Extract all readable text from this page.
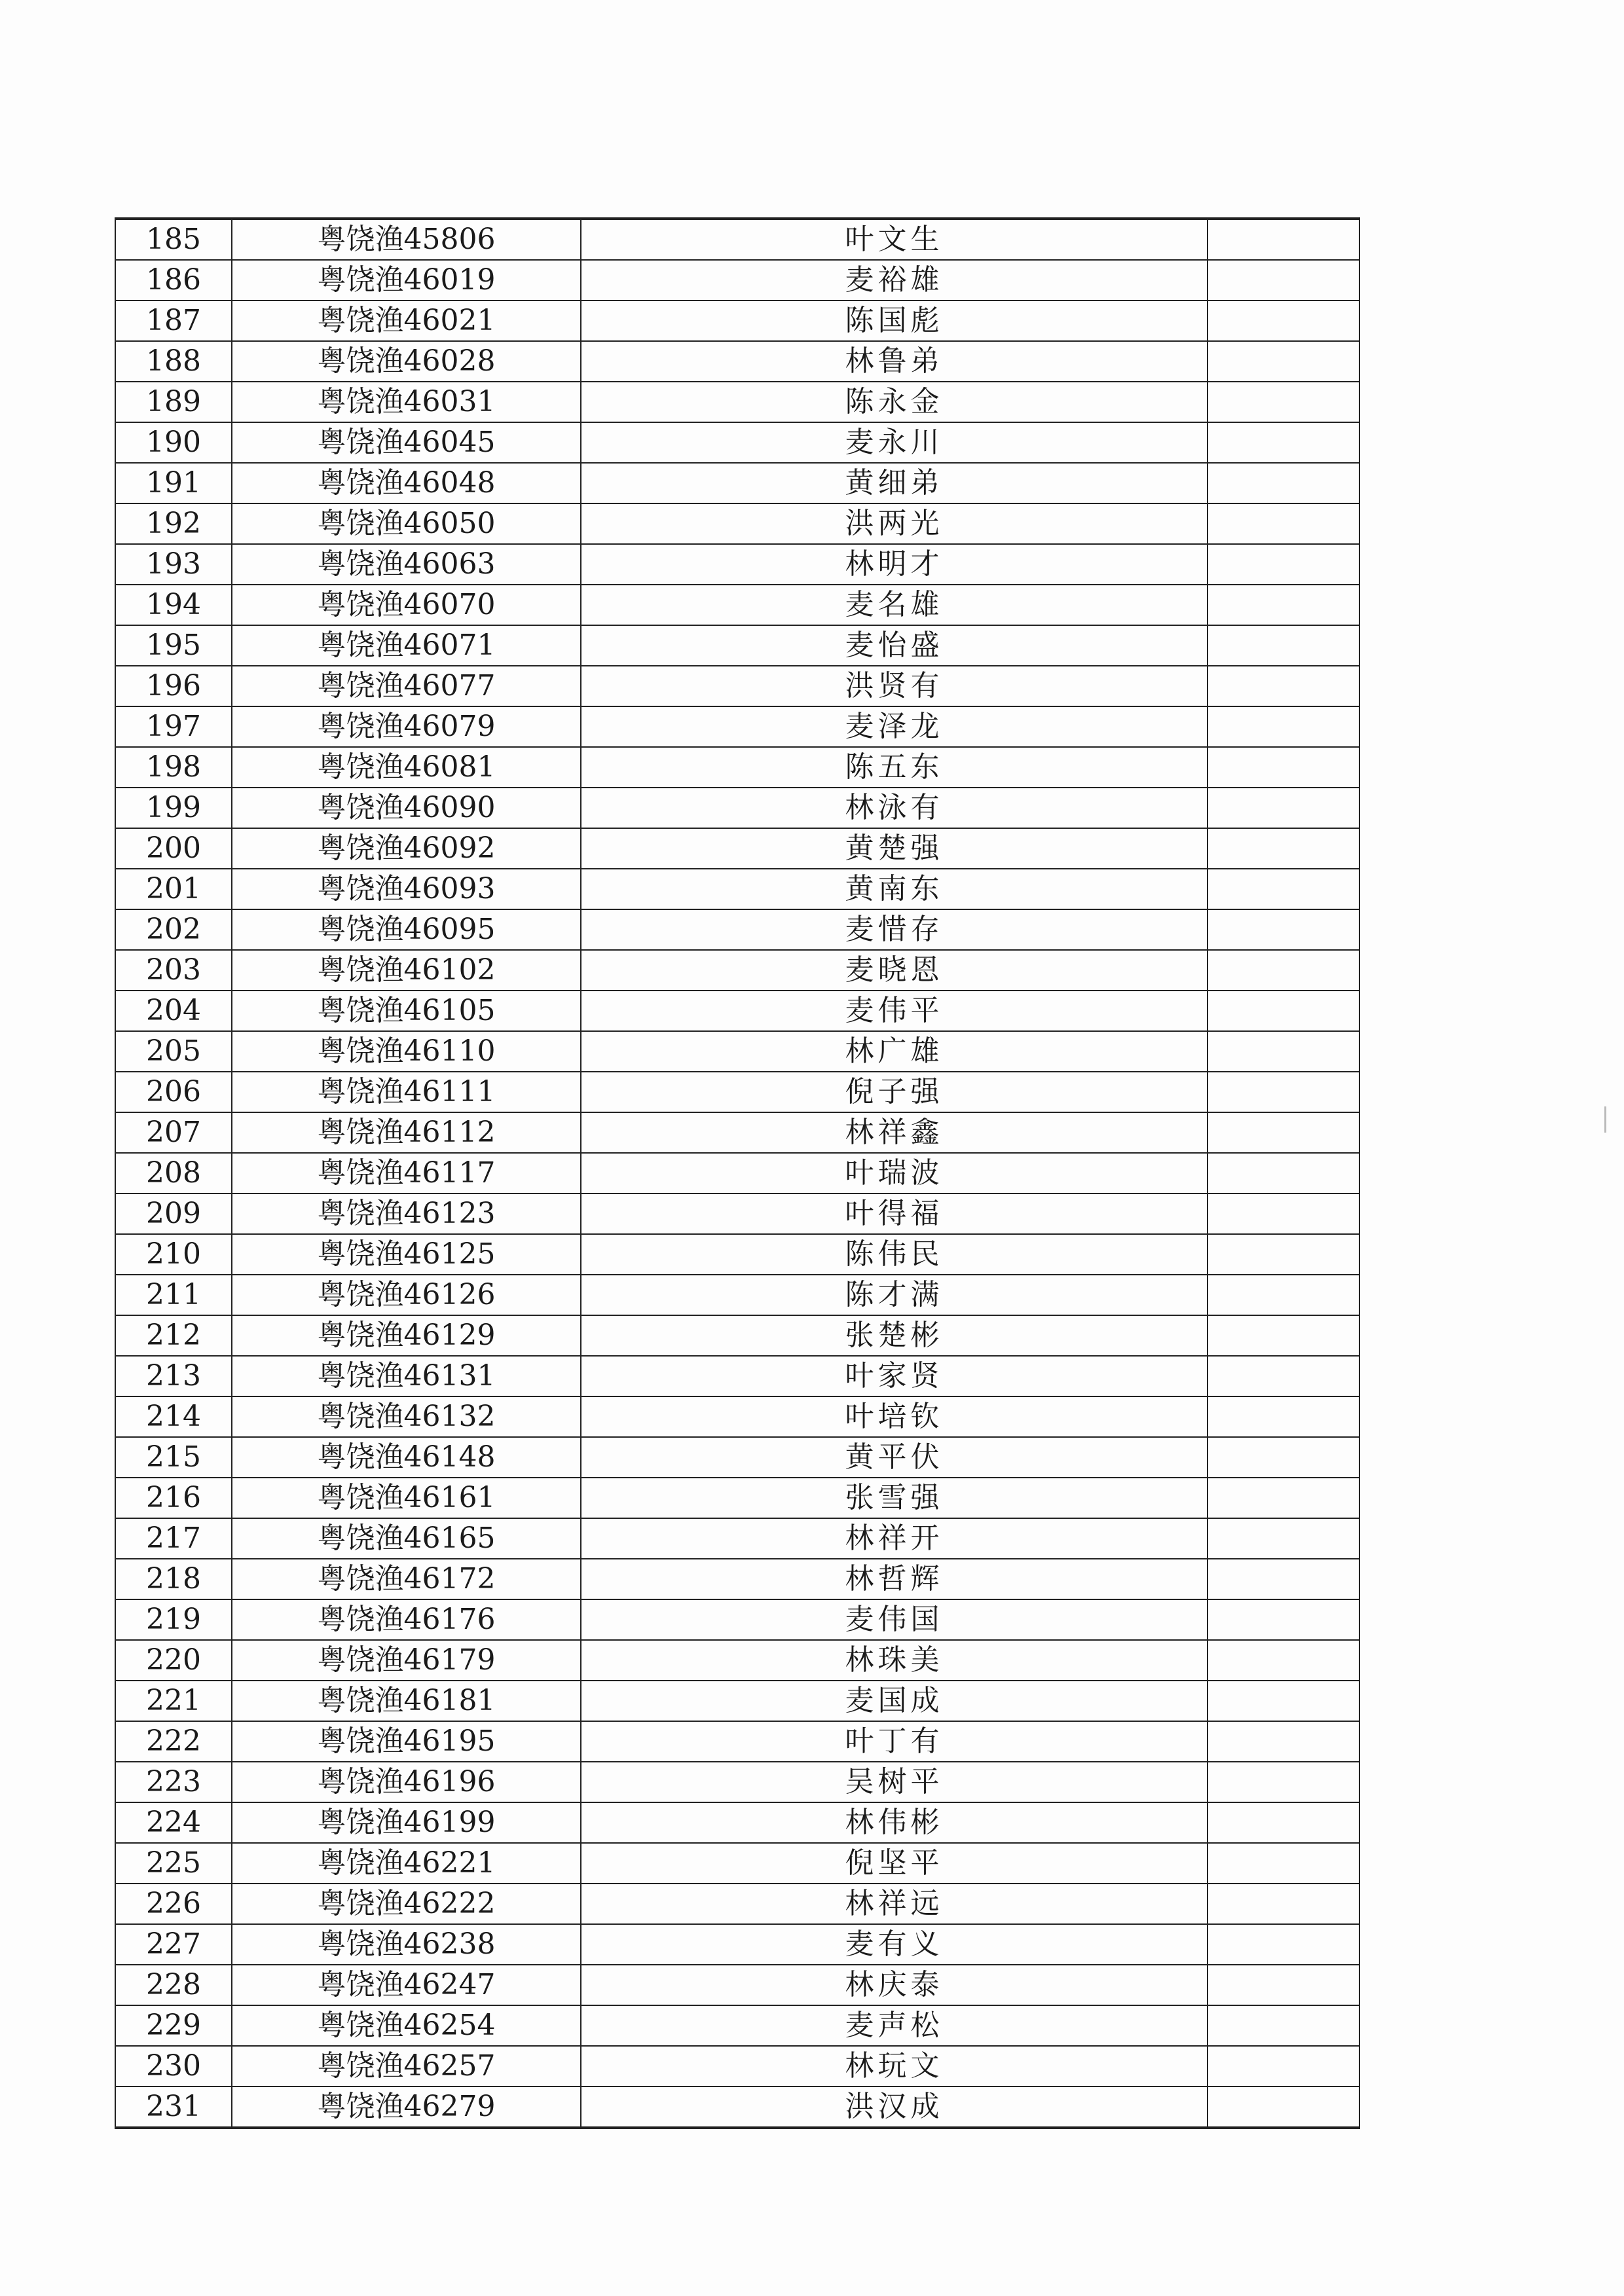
185	粤饶渔45806	叶文生	
186	粤饶渔46019	麦裕雄	
187	粤饶渔46021	陈国彪	
188	粤饶渔46028	林鲁弟	
189	粤饶渔46031	陈永金	
190	粤饶渔46045	麦永川	
191	粤饶渔46048	黄细弟	
192	粤饶渔46050	洪两光	
193	粤饶渔46063	林明才	
194	粤饶渔46070	麦名雄	
195	粤饶渔46071	麦怡盛	
196	粤饶渔46077	洪贤有	
197	粤饶渔46079	麦泽龙	
198	粤饶渔46081	陈五东	
199	粤饶渔46090	林泳有	
200	粤饶渔46092	黄楚强	
201	粤饶渔46093	黄南东	
202	粤饶渔46095	麦惜存	
203	粤饶渔46102	麦晓恩	
204	粤饶渔46105	麦伟平	
205	粤饶渔46110	林广雄	
206	粤饶渔46111	倪子强	
207	粤饶渔46112	林祥鑫	
208	粤饶渔46117	叶瑞波	
209	粤饶渔46123	叶得福	
210	粤饶渔46125	陈伟民	
211	粤饶渔46126	陈才满	
212	粤饶渔46129	张楚彬	
213	粤饶渔46131	叶家贤	
214	粤饶渔46132	叶培钦	
215	粤饶渔46148	黄平伏	
216	粤饶渔46161	张雪强	
217	粤饶渔46165	林祥开	
218	粤饶渔46172	林哲辉	
219	粤饶渔46176	麦伟国	
220	粤饶渔46179	林珠美	
221	粤饶渔46181	麦国成	
222	粤饶渔46195	叶丁有	
223	粤饶渔46196	吴树平	
224	粤饶渔46199	林伟彬	
225	粤饶渔46221	倪坚平	
226	粤饶渔46222	林祥远	
227	粤饶渔46238	麦有义	
228	粤饶渔46247	林庆泰	
229	粤饶渔46254	麦声松	
230	粤饶渔46257	林玩文	
231	粤饶渔46279	洪汉成	
